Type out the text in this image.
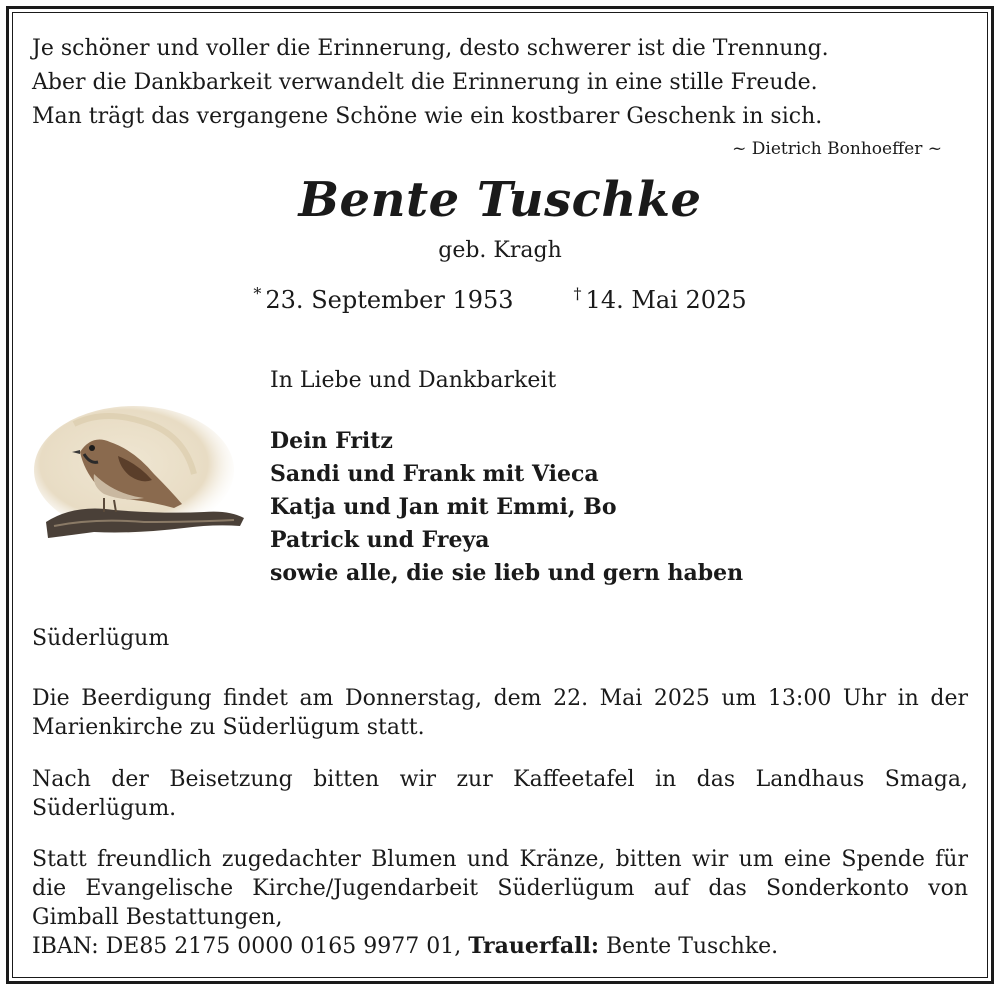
Je schöner und voller die Erinnerung, desto schwerer ist die Trennung.
Aber die Dankbarkeit verwandelt die Erinnerung in eine stille Freude.
Man trägt das vergangene Schöne wie ein kostbarer Geschenk in sich.
~ Dietrich Bonhoeffer ~
Bente Tuschke
geb. Kragh
* 23. September 1953	† 14. Mai 2025
In Liebe und Dankbarkeit
Dein Fritz
Sandi und Frank mit Vieca
Katja und Jan mit Emmi, Bo
Patrick und Freya
sowie alle, die sie lieb und gern haben
Süderlügum

Die Beerdigung findet am Donnerstag, dem 22. Mai 2025 um 13:00 Uhr in der Marienkirche zu Süderlügum statt.

Nach der Beisetzung bitten wir zur Kaffeetafel in das Landhaus Smaga, Süderlügum.

Statt freundlich zugedachter Blumen und Kränze, bitten wir um eine Spende für die Evangelische Kirche/Jugendarbeit Süderlügum auf das Sonderkonto von Gimball Bestattungen,
IBAN: DE85 2175 0000 0165 9977 01, Trauerfall: Bente Tuschke.
